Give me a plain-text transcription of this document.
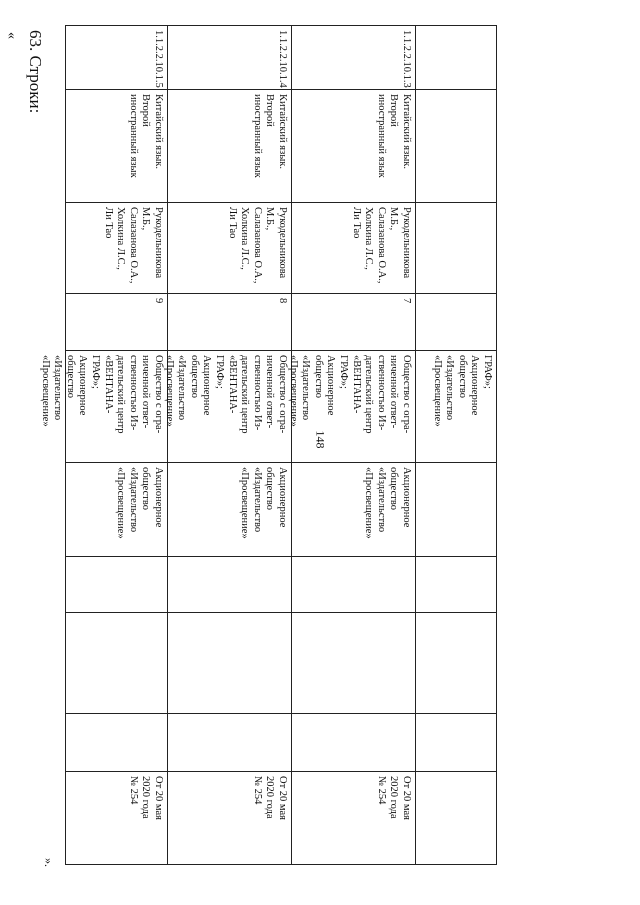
148
ГРАФ»;
Акционерное
общество
«Издательство
«Просвещение»
1.1.2.2.10.1.3
Китайский язык.
Второй
иностранный язык
Рукодельникова М.Б.,
Салазанова О.А.,
Холкина Л.С.,
Ли Тао
7
Общество с огра-
ниченной ответ-
ственностью Из-
дательский центр
«ВЕНТАНА-
ГРАФ»;
Акционерное
общество
«Издательство
«Просвещение»
Акционерное
общество
«Издательство
«Просвещение»
От 20 мая
2020 года
№ 254
1.1.2.2.10.1.4
Китайский язык.
Второй
иностранный язык
Рукодельникова М.Б.,
Салазанова О.А.,
Холкина Л.С.,
Ли Тао
8
Общество с огра-
ниченной ответ-
ственностью Из-
дательский центр
«ВЕНТАНА-
ГРАФ»;
Акционерное
общество
«Издательство
«Просвещение»
Акционерное
общество
«Издательство
«Просвещение»
От 20 мая
2020 года
№ 254
1.1.2.2.10.1.5
Китайский язык.
Второй
иностранный язык
Рукодельникова М.Б.,
Салазанова О.А.,
Холкина Л.С.,
Ли Тао
9
Общество с огра-
ниченной ответ-
ственностью Из-
дательский центр
«ВЕНТАНА-
ГРАФ»;
Акционерное
общество
«Издательство
«Просвещение»
Акционерное
общество
«Издательство
«Просвещение»
От 20 мая
2020 года
№ 254
».
63. Строки:
«
